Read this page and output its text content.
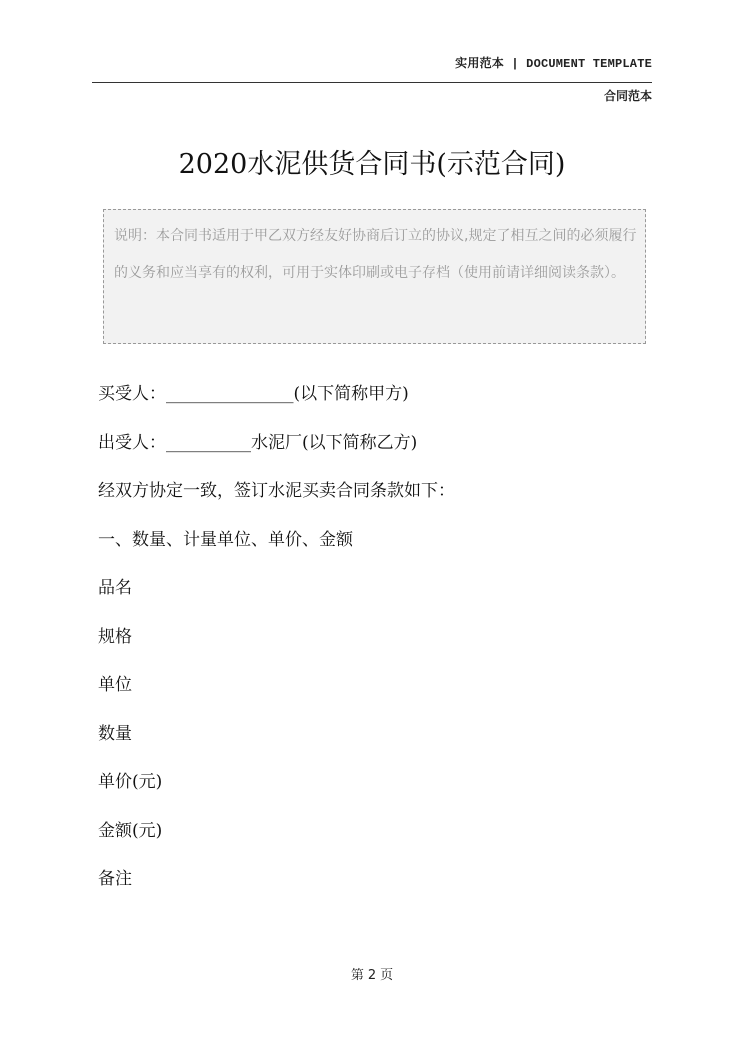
实用范本 | DOCUMENT TEMPLATE
合同范本
2020水泥供货合同书(示范合同)
说明：本合同书适用于甲乙双方经友好协商后订立的协议,规定了相互之间的必须履行的义务和应当享有的权利，可用于实体印刷或电子存档（使用前请详细阅读条款）。
买受人：_______________(以下简称甲方)
出受人：__________水泥厂(以下简称乙方)
经双方协定一致，签订水泥买卖合同条款如下：
一、数量、计量单位、单价、金额
品名
规格
单位
数量
单价(元)
金额(元)
备注
第 2 页
